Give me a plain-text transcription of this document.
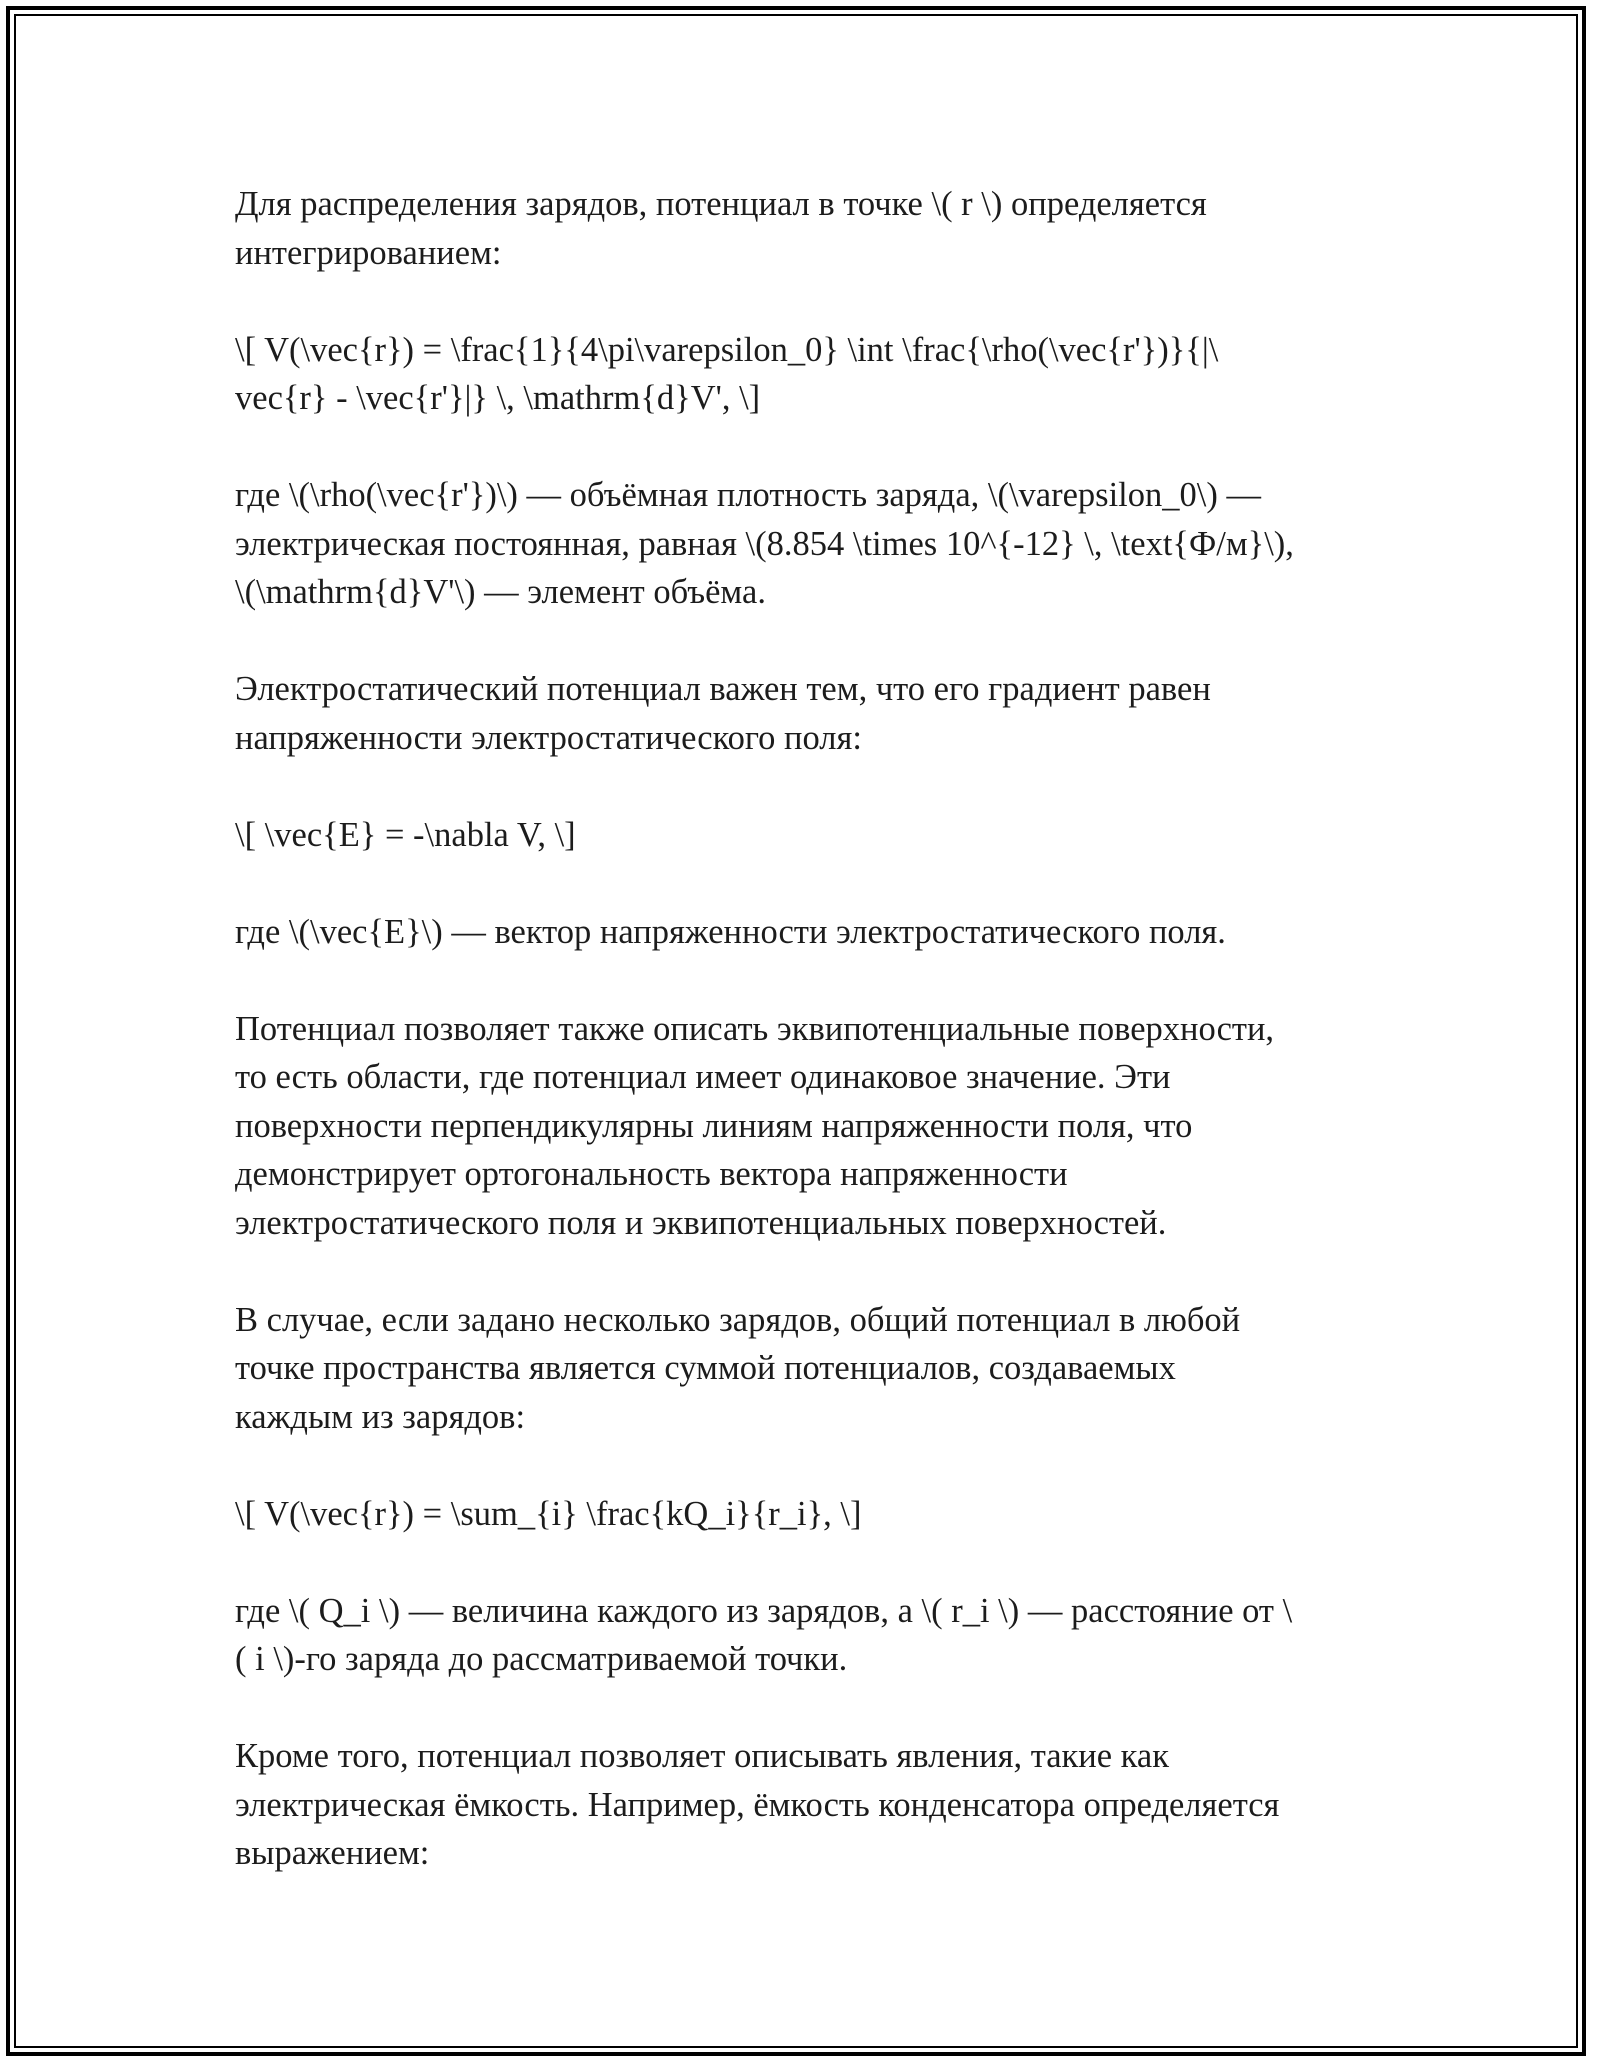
Для распределения зарядов, потенциал в точке \( r \) определяется
интегрированием:

\[ V(\vec{r}) = \frac{1}{4\pi\varepsilon_0} \int \frac{\rho(\vec{r'})}{|\
vec{r} - \vec{r'}|} \, \mathrm{d}V', \]

где \(\rho(\vec{r'})\) — объёмная плотность заряда, \(\varepsilon_0\) —
электрическая постоянная, равная \(8.854 \times 10^{-12} \, \text{Ф/м}\),
\(\mathrm{d}V'\) — элемент объёма.

Электростатический потенциал важен тем, что его градиент равен
напряженности электростатического поля:

\[ \vec{E} = -\nabla V, \]

где \(\vec{E}\) — вектор напряженности электростатического поля.

Потенциал позволяет также описать эквипотенциальные поверхности,
то есть области, где потенциал имеет одинаковое значение. Эти
поверхности перпендикулярны линиям напряженности поля, что
демонстрирует ортогональность вектора напряженности
электростатического поля и эквипотенциальных поверхностей.

В случае, если задано несколько зарядов, общий потенциал в любой
точке пространства является суммой потенциалов, создаваемых
каждым из зарядов:

\[ V(\vec{r}) = \sum_{i} \frac{kQ_i}{r_i}, \]

где \( Q_i \) — величина каждого из зарядов, а \( r_i \) — расстояние от \
( i \)-го заряда до рассматриваемой точки.

Кроме того, потенциал позволяет описывать явления, такие как
электрическая ёмкость. Например, ёмкость конденсатора определяется
выражением:
